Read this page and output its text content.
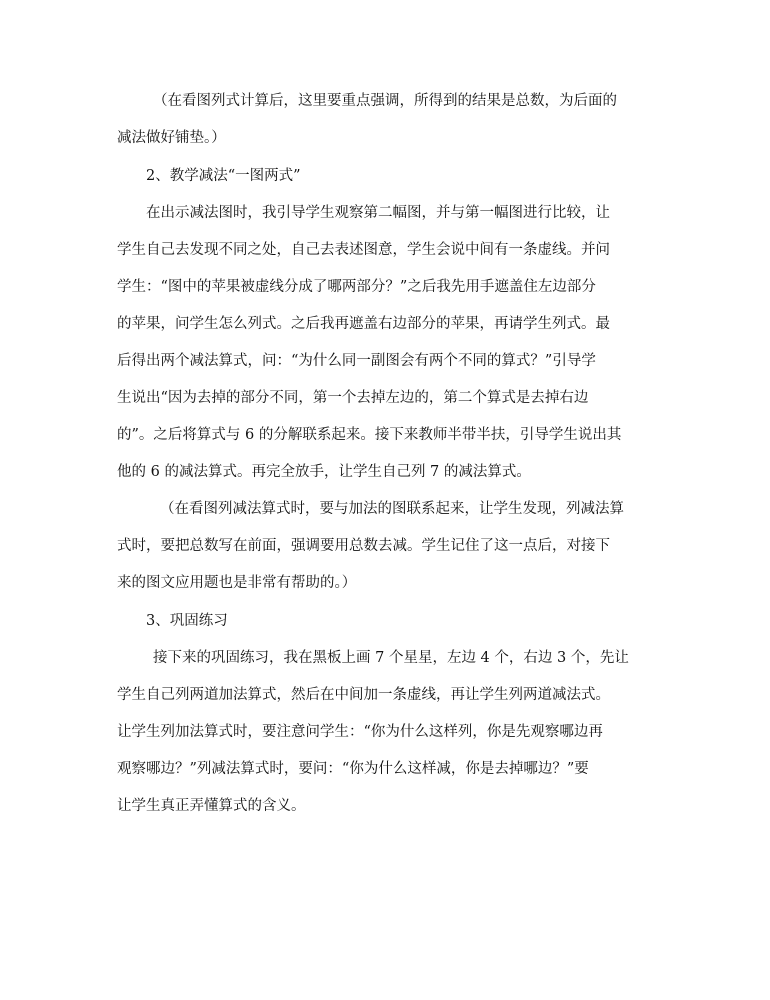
（在看图列式计算后，这里要重点强调，所得到的结果是总数，为后面的
减法做好铺垫。）
2、教学减法“一图两式”
在出示减法图时，我引导学生观察第二幅图，并与第一幅图进行比较，让
学生自己去发现不同之处，自己去表述图意，学生会说中间有一条虚线。并问
学生：“图中的苹果被虚线分成了哪两部分？”之后我先用手遮盖住左边部分
的苹果，问学生怎么列式。之后我再遮盖右边部分的苹果，再请学生列式。最
后得出两个减法算式，问：“为什么同一副图会有两个不同的算式？”引导学
生说出“因为去掉的部分不同，第一个去掉左边的，第二个算式是去掉右边
的”。之后将算式与 6 的分解联系起来。接下来教师半带半扶，引导学生说出其
他的 6 的减法算式。再完全放手，让学生自己列 7 的减法算式。
（在看图列减法算式时，要与加法的图联系起来，让学生发现，列减法算
式时，要把总数写在前面，强调要用总数去减。学生记住了这一点后，对接下
来的图文应用题也是非常有帮助的。）
3、巩固练习
接下来的巩固练习，我在黑板上画 7 个星星，左边 4 个，右边 3 个，先让
学生自己列两道加法算式，然后在中间加一条虚线，再让学生列两道减法式。
让学生列加法算式时，要注意问学生：“你为什么这样列，你是先观察哪边再
观察哪边？”列减法算式时，要问：“你为什么这样减，你是去掉哪边？”要
让学生真正弄懂算式的含义。
